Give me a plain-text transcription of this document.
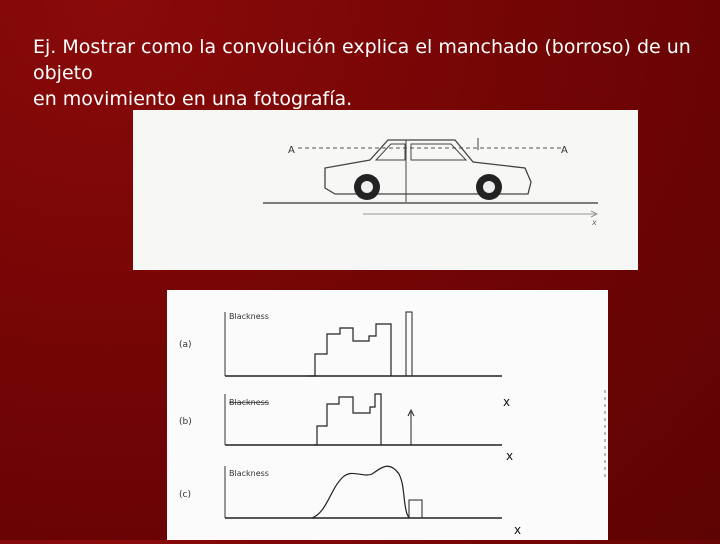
Ej. Mostrar como la convolución explica el manchado (borroso) de un objeto
en movimiento en una fotografía.
A	A
x
(a)
Blackness
(b)
Blackness	x
(c)
Blackness
x
x
